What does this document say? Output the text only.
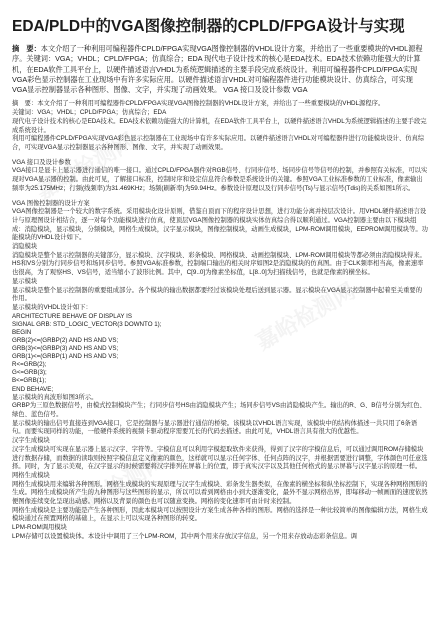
EDA/PLD中的VGA图像控制器的CPLD/FPGA设计与实现
摘　要：本文介绍了一种利用可编程器件CPLD/FPGA实现VGA图像控制器的VHDL设计方案，并给出了一些重要模块的VHDL源程序。关键词：VGA；VHDL；CPLD/FPGA；仿真综合；EDA 现代电子设计技术的核心是EDA技术。EDA技术依赖功能强大的计算机，在EDA软件工具平台上，以硬件描述语言VHDL为系统逻辑描述的主要手段完成系统设计。利用可编程器件CPLD/FPGA实现VGA彩色显示控制器在工业现场中有许多实际应用。以硬件描述语言VHDL对可编程器件进行功能模块设计、仿真综合，可实现VGA显示控制器显示各种图形、图像、文字，并实现了动画效果。 VGA 接口及设计参数 VGA

摘　要：本文介绍了一种利用可编程器件CPLD/FPGA实现VGA图像控制器的VHDL设计方案，并给出了一些重要模块的VHDL源程序。

关键词：VGA；VHDL；CPLD/FPGA；仿真综合；EDA

现代电子设计技术的核心是EDA技术。EDA技术依赖功能强大的计算机，在EDA软件工具平台上，以硬件描述语言VHDL为系统逻辑描述的主要手段完成系统设计。

利用可编程器件CPLD/FPGA实现VGA彩色显示控制器在工业现场中有许多实际应用。以硬件描述语言VHDL对可编程器件进行功能模块设计、仿真综合，可实现VGA显示控制器显示各种图形、图像、文字，并实现了动画效果。

VGA 接口及设计参数

VGA接口是显卡上显示器进行通信的唯一接口。通过CPLD/FPGA器件对RGB信号、行同步信号、场同步信号等信号的控制，并参照有关标准，可以实现对VGA显示器的控制。由此可见，了解接口标准，控制时序和设定信息符合参数是系统设计的关键。参照VGA工业标准参数的工业标准，像素输出频率为25.175MHz；行频(线频率)为31.469KHz；场频(刷新率)为59.94Hz。参数设计原理以及行同步信号(Ts)与显示信号(Tdis)的关系如图1所示。

VGA 图像控制器的设计方案

VGA图像控制器是一个较大的数字系统。采用模块化设计原则，借鉴自顶而下的程序设计思想，进行功能分离并按层次设计。用VHDL硬件描述语言设计与原理图设计相结合，逐一对每个功能模块进行仿真，使顶层VGA图像控制器的模块实体仿真综合得以顺利通过。VGA控制器主要由以下模块组成：消隐模块，显示模块，分频模块，网格生成模块，汉字显示模块，图像控制模块，动画生成模块，LPM-ROM调用模块，EEPROM调用模块等。功能模块的VHDL设计如下。

消隐模块

消隐模块是整个显示控制器的关键部分，显示模块、汉字模块、彩条模块、网格模块、动画控制模块、LPM-ROM调用模块等都必须由消隐模块得来。 HS和VS分别为行同步信号和场同步信号。参照VGA标准参数，控制端口输出的相关时序如图2是消隐模块的仿真图。由于CLK频率相当高，像素速率也很高，为了观察HS、VS信号，适当缩小了波形比例。其中，C[9..0]为像素坐标值，L[8..0]为扫描线信号，也就是像素的横坐标。

显示模块

显示模块是整个显示控制器的重要组成部分。各个模块的输出数据都要经过该模块处理后送到显示器。显示模块在VGA显示控制器中起着至关重要的作用。

显示模块的VHDL设计如下：

ARCHITECTURE BEHAVE OF DISPLAY IS

SIGNAL GRB: STD_LOGIC_VECTOR(3 DOWNTO 1);

BEGIN

GRB(2)<=(GRBP(2) AND HS AND VS;

GRB(3)<=(GRBP(3) AND HS AND VS;

GRB(1)<=(GRBP(1) AND HS AND VS;

R<=GRB(2);

G<=GRB(3);

B<=GRB(1);

END BEHAVE;

显示模块的真波形如图3所示。

GRBP为三原色数据信号，由模式控制模块产生；行同步信号HS由消隐模块产生；场同步信号VS由消隐模块产生。输出的R、G、B信号分别为红色、绿色、蓝色信号。

显示模块的输出信号直接连到VGA接口，它是控制器与显示器进行通信的桥梁。该模块以VHDL语言实现，该模块中的结构体描述一共只用了6条语句。而要实现同样的功能，一般硬件系统的视频卡驱动程序需要冗长的代码去描述。由此可见，VHDL语言具有很大的优越性。

汉字生成模块

汉字生成模块可实现在显示器上显示汉字、字符等。字模信息可以利用字模提取软件来获得，得到了汉字的字模信息后，可以通过调用ROM存储模块进行数据存储，而数据的读取则按照字模信息定义像素的颜色，这样就可以显示任何字体、任何点阵的汉字，并根据需要进行调整，字体颜色可任意选择。同时，为了显示美观，在汉字显示的时候需要将汉字排列在屏幕上的位置，即于真实汉字以及其他任何格式的显示屏幕与汉字显示的原理一样。

网格生成模块

网格生成模块用来编辑各种图形。网格生成模块的实现原理与汉字生成模块、彩条发生器类似，在像素的横坐标和纵坐标控制下，实现各种网格图形的生成。网格生成模块所产生的九种图形与这些图形的显示，所以可以看到网格由小到大逐渐变化，最外不显示网格出界，即每移动一帧画面的速度依然便图像连续变化呈现出动感。网格以及背景的颜色也可以随意变换。网格的变化速率可由计时来控制。

网格生成模块是主要功能是产生各种图形，因此本模块可以按照设计方案生成各种各样的图形。网格的选择是一种比较简单的图像编辑方法，网格生成模块通过在预置网格的基础上，在显示上可以实现各种图形的转变。

LPM-ROM调用模块

LPM存储可以设置模块体。本设计中调用了三个LPM-ROM，其中两个用来存放汉字信息，另一个用来存放动态彩条信息。调
